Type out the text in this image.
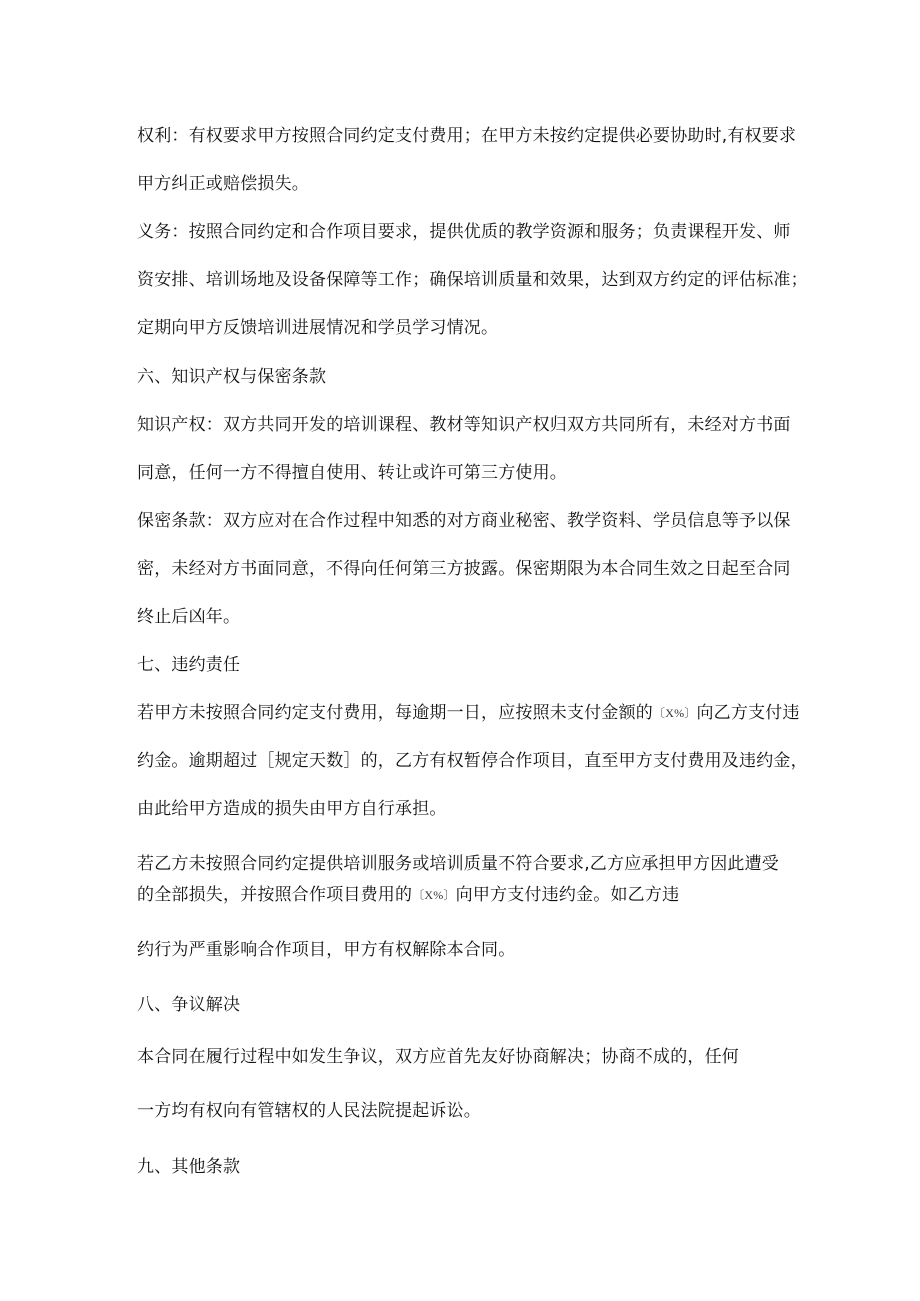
权利：有权要求甲方按照合同约定支付费用；在甲方未按约定提供必要协助时,有权要求
甲方纠正或赔偿损失。
义务：按照合同约定和合作项目要求，提供优质的教学资源和服务；负责课程开发、师
资安排、培训场地及设备保障等工作；确保培训质量和效果，达到双方约定的评估标准；
定期向甲方反馈培训进展情况和学员学习情况。
六、知识产权与保密条款
知识产权：双方共同开发的培训课程、教材等知识产权归双方共同所有，未经对方书面
同意，任何一方不得擅自使用、转让或许可第三方使用。
保密条款：双方应对在合作过程中知悉的对方商业秘密、教学资料、学员信息等予以保
密，未经对方书面同意，不得向任何第三方披露。保密期限为本合同生效之日起至合同
终止后凶年。
七、违约责任
若甲方未按照合同约定支付费用，每逾期一日，应按照未支付金额的〔X%〕向乙方支付违
约金。逾期超过［规定天数］的，乙方有权暂停合作项目，直至甲方支付费用及违约金，
由此给甲方造成的损失由甲方自行承担。
若乙方未按照合同约定提供培训服务或培训质量不符合要求,乙方应承担甲方因此遭受
的全部损失，并按照合作项目费用的〔X%〕向甲方支付违约金。如乙方违
约行为严重影响合作项目，甲方有权解除本合同。
八、争议解决
本合同在履行过程中如发生争议，双方应首先友好协商解决；协商不成的，任何
一方均有权向有管辖权的人民法院提起诉讼。
九、其他条款
